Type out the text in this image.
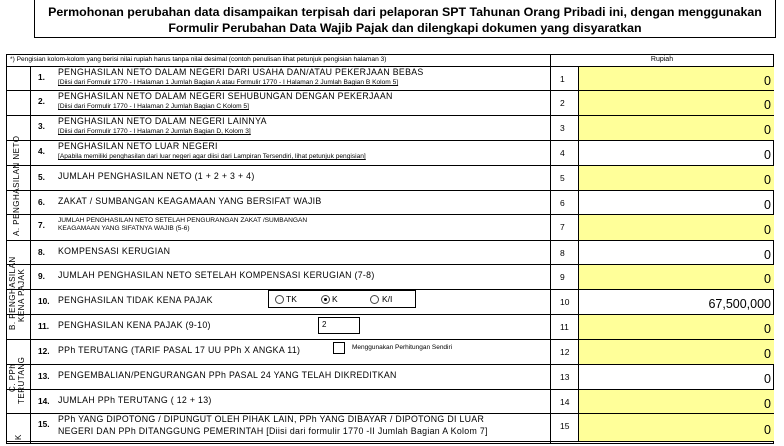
Permohonan perubahan data disampaikan terpisah dari pelaporan SPT Tahunan Orang Pribadi ini, dengan menggunakan
Formulir Perubahan Data Wajib Pajak dan dilengkapi dokumen yang disyaratkan
*) Pengisian kolom-kolom yang berisi nilai rupiah harus tanpa nilai desimal (contoh penulisan lihat petunjuk pengisian halaman 3)	Rupiah
A. PENGHASILAN NETO
B. PENGHASILAN KENA PAJAK
C. PPh TERUTANG
K
1. PENGHASILAN NETO DALAM NEGERI DARI USAHA DAN/ATAU PEKERJAAN BEBAS
[Diisi dari Formulir 1770 - I Halaman 1 Jumlah Bagian A atau Formulir 1770 - I Halaman 2 Jumlah Bagian B Kolom 5]	1	0
2. PENGHASILAN NETO DALAM NEGERI SEHUBUNGAN DENGAN PEKERJAAN
[Diisi dari Formulir 1770 - I Halaman 2 Jumlah Bagian C Kolom 5]	2	0
3. PENGHASILAN NETO DALAM NEGERI LAINNYA
[Diisi dari Formulir 1770 - I Halaman 2 Jumlah Bagian D, Kolom 3]	3	0
4. PENGHASILAN NETO LUAR NEGERI
[Apabila memiliki penghasilan dari luar negeri agar diisi dari Lampiran Tersendiri, lihat petunjuk pengisian]	4	0
5. JUMLAH PENGHASILAN NETO (1 + 2 + 3 + 4)	5	0
6. ZAKAT / SUMBANGAN KEAGAMAAN YANG BERSIFAT WAJIB	6	0
7. JUMLAH PENGHASILAN NETO SETELAH PENGURANGAN ZAKAT /SUMBANGAN
KEAGAMAAN YANG SIFATNYA WAJIB (5-6)	7	0
8. KOMPENSASI KERUGIAN	8	0
9. JUMLAH PENGHASILAN NETO SETELAH KOMPENSASI KERUGIAN (7-8)	9	0
10. PENGHASILAN TIDAK KENA PAJAK	10	67,500,000
11. PENGHASILAN KENA PAJAK (9-10)	11	0
12. PPh TERUTANG (TARIF PASAL 17 UU PPh X ANGKA 11)	12	0
13. PENGEMBALIAN/PENGURANGAN PPh PASAL 24 YANG TELAH DIKREDITKAN	13	0
14. JUMLAH PPh TERUTANG ( 12 + 13)	14	0
15. PPh YANG DIPOTONG / DIPUNGUT OLEH PIHAK LAIN, PPh YANG DIBAYAR / DIPOTONG DI LUAR
NEGERI DAN PPh DITANGGUNG PEMERINTAH [Diisi dari formulir 1770 -II Jumlah Bagian A Kolom 7]	15	0
TK	K	K/I
2
Menggunakan Perhitungan Sendiri
